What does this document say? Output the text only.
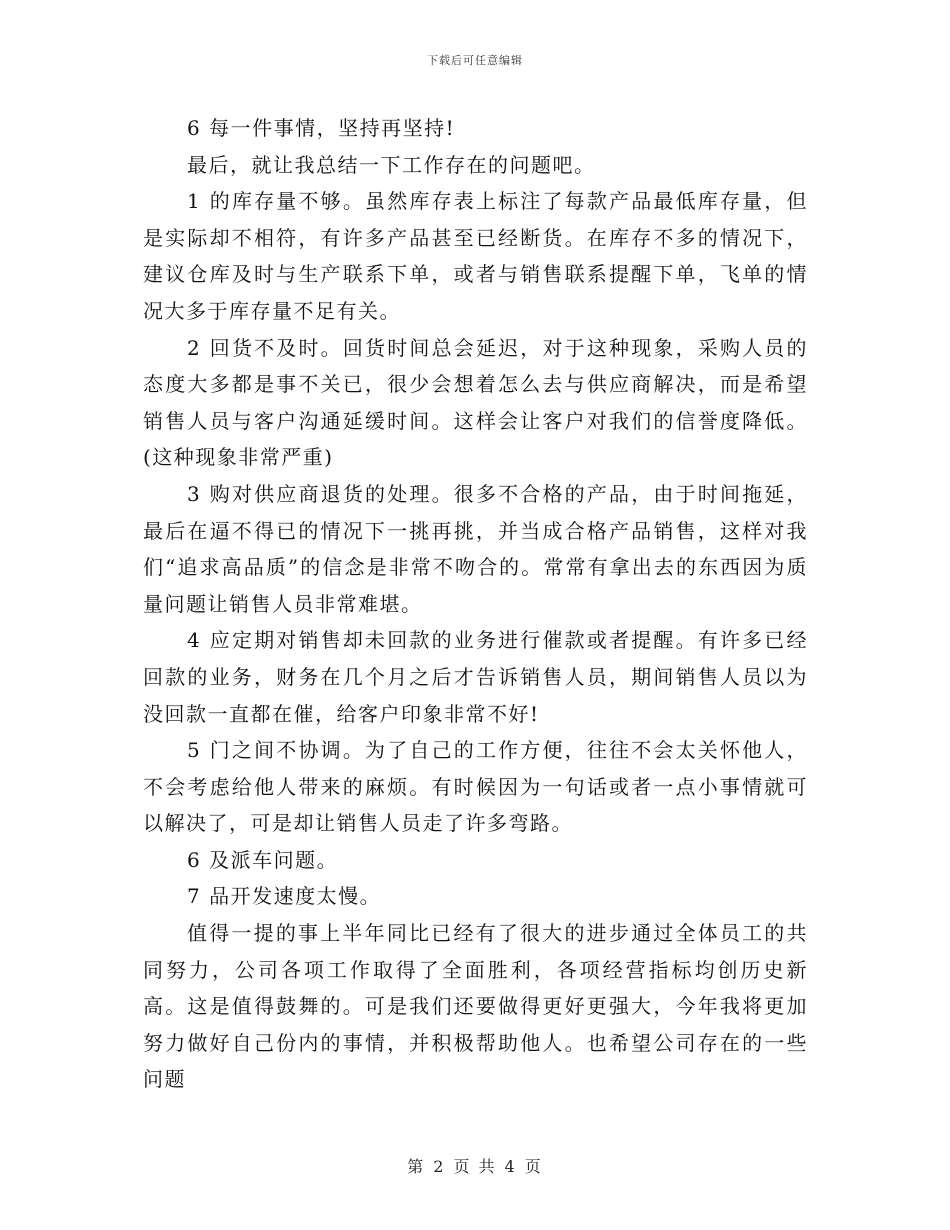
下载后可任意编辑

6 每一件事情，坚持再坚持!

最后，就让我总结一下工作存在的问题吧。

1 的库存量不够。虽然库存表上标注了每款产品最低库存量，但是实际却不相符，有许多产品甚至已经断货。在库存不多的情况下，建议仓库及时与生产联系下单，或者与销售联系提醒下单，飞单的情况大多于库存量不足有关。

2 回货不及时。回货时间总会延迟，对于这种现象，采购人员的态度大多都是事不关已，很少会想着怎么去与供应商解决，而是希望销售人员与客户沟通延缓时间。这样会让客户对我们的信誉度降低。(这种现象非常严重)

3 购对供应商退货的处理。很多不合格的产品，由于时间拖延，最后在逼不得已的情况下一挑再挑，并当成合格产品销售，这样对我们“追求高品质”的信念是非常不吻合的。常常有拿出去的东西因为质量问题让销售人员非常难堪。

4 应定期对销售却未回款的业务进行催款或者提醒。有许多已经回款的业务，财务在几个月之后才告诉销售人员，期间销售人员以为没回款一直都在催，给客户印象非常不好!

5 门之间不协调。为了自己的工作方便，往往不会太关怀他人，不会考虑给他人带来的麻烦。有时候因为一句话或者一点小事情就可以解决了，可是却让销售人员走了许多弯路。

6 及派车问题。

7 品开发速度太慢。

值得一提的事上半年同比已经有了很大的进步通过全体员工的共同努力，公司各项工作取得了全面胜利，各项经营指标均创历史新高。这是值得鼓舞的。可是我们还要做得更好更强大，今年我将更加努力做好自己份内的事情，并积极帮助他人。也希望公司存在的一些问题

第 2 页 共 4 页
